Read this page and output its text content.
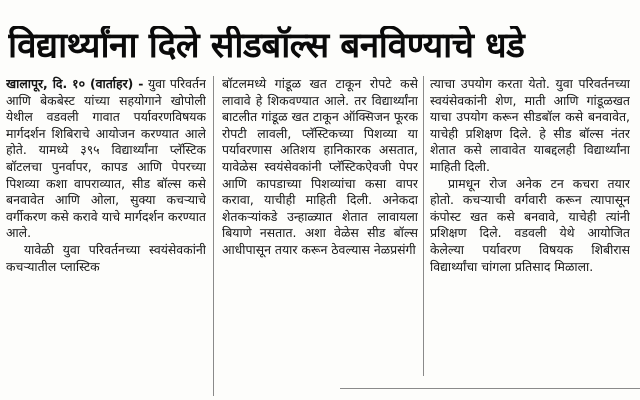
विद्यार्थ्यांना दिले सीडबॉल्स बनविण्याचे धडे

खालापूर, दि. १० (वार्ताहर) - युवा परिवर्तन आणि बेकबेस्ट यांच्या सहयोगाने खोपोली येथील वडवली गावात पर्यावरणविषयक मार्गदर्शन शिबिराचे आयोजन करण्यात आले होते. यामध्ये ३९५ विद्यार्थ्यांना प्लॅस्टिक बॉटलचा पुनर्वापर, कापड आणि पेपरच्या पिशव्या कशा वापराव्यात, सीड बॉल्स कसे बनवावेत आणि ओला, सुक्या कचऱ्याचे वर्गीकरण कसे करावे याचे मार्गदर्शन करण्यात आले.

यावेळी युवा परिवर्तनच्या स्वयंसेवकांनी कचऱ्यातील प्लास्टिक

बॉटलमध्ये गांडूळ खत टाकून रोपटे कसे लावावे हे शिकवण्यात आले. तर विद्यार्थ्यांना बाटलीत गांडूळ खत टाकून ऑक्सिजन फूरक रोपटी लावली, प्लॅस्टिकच्या पिशव्या या पर्यावरणास अतिशय हानिकारक असतात, यावेळेस स्वयंसेवकांनी प्लॅस्टिकऐवजी पेपर आणि कापडाच्या पिशव्यांचा कसा वापर करावा, याचीही माहिती दिली. अनेकदा शेतकऱ्यांकडे उन्हाळ्यात शेतात लावायला बियाणे नसतात. अशा वेळेस सीड बॉल्स आधीपासून तयार करून ठेवल्यास नेळप्रसंगी

त्याचा उपयोग करता येतो. युवा परिवर्तनच्या स्वयंसेवकांनी शेण, माती आणि गांडूळखत याचा उपयोग करून सीडबॉल कसे बनवावेत, याचेही प्रशिक्षण दिले. हे सीड बॉल्स नंतर शेतात कसे लावावेत याबद्दलही विद्यार्थ्यांना माहिती दिली.

प्रामधून रोज अनेक टन कचरा तयार होतो. कचऱ्याची वर्गवारी करून त्यापासून कंपोस्ट खत कसे बनवावे, याचेही त्यांनी प्रशिक्षण दिले. वडवली येथे आयोजित केलेल्या पर्यावरण विषयक शिबीरास विद्यार्थ्यांचा चांगला प्रतिसाद मिळाला.
